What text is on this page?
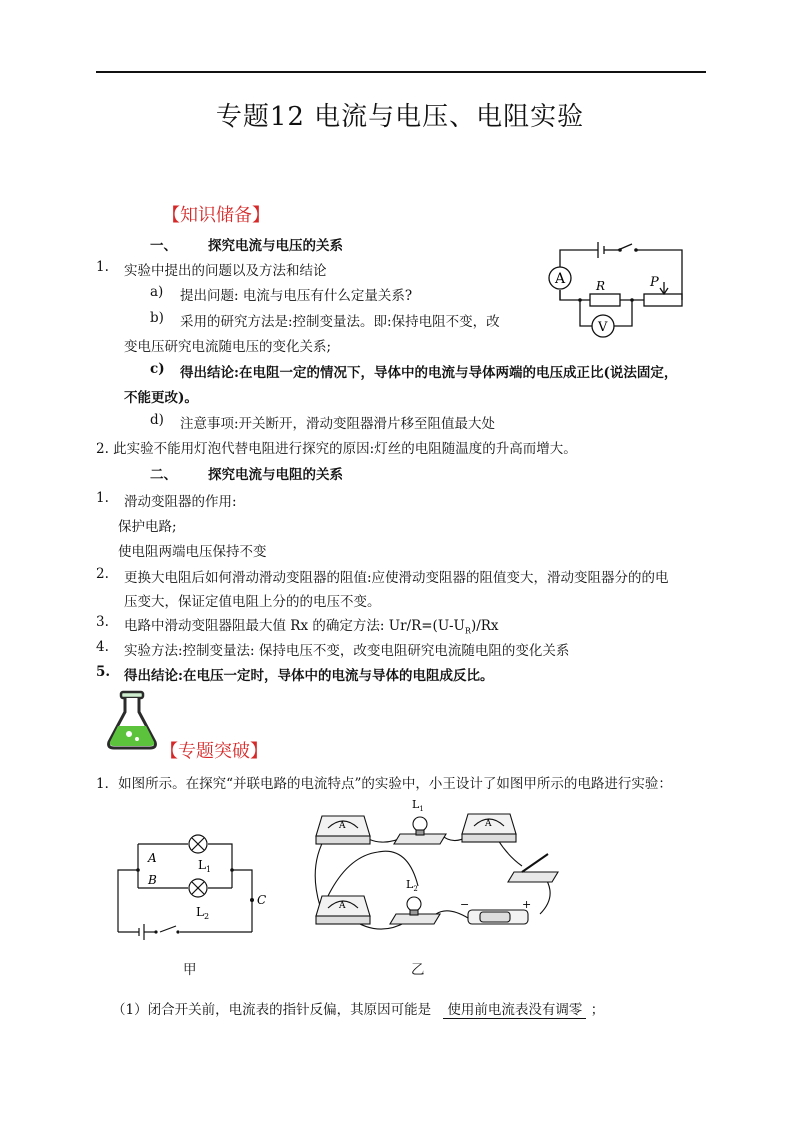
专题12 电流与电压、电阻实验
【知识储备】
一、 探究电流与电压的关系
1. 实验中提出的问题以及方法和结论
a) 提出问题: 电流与电压有什么定量关系?
b) 采用的研究方法是:控制变量法。即:保持电阻不变，改
变电压研究电流随电压的变化关系;
c) 得出结论:在电阻一定的情况下，导体中的电流与导体两端的电压成正比(说法固定，
不能更改)。
d) 注意事项:开关断开，滑动变阻器滑片移至阻值最大处
2. 此实验不能用灯泡代替电阻进行探究的原因:灯丝的电阻随温度的升高而增大。
A
V
R	P
二、 探究电流与电阻的关系
1. 滑动变阻器的作用:
保护电路;
使电阻两端电压保持不变
2. 更换大电阻后如何滑动滑动变阻器的阻值:应使滑动变阻器的阻值变大，滑动变阻器分的的电
压变大，保证定值电阻上分的的电压不变。
3. 电路中滑动变阻器阻最大值 Rx 的确定方法: $Ur/R=(U-U_R)/Rx$
4. 实验方法:控制变量法: 保持电压不变，改变电阻研究电流随电阻的变化关系
5. 得出结论:在电压一定时，导体中的电流与导体的电阻成反比。
【专题突破】
1．如图所示。在探究“并联电路的电流特点”的实验中，小王设计了如图甲所示的电路进行实验：
A
B
C
$L_1$
$L_2$
甲
A	A
A
$L_1$
$L_2$
−	+
乙
（1）闭合开关前，电流表的指针反偏，其原因可能是 使用前电流表没有调零 ；
